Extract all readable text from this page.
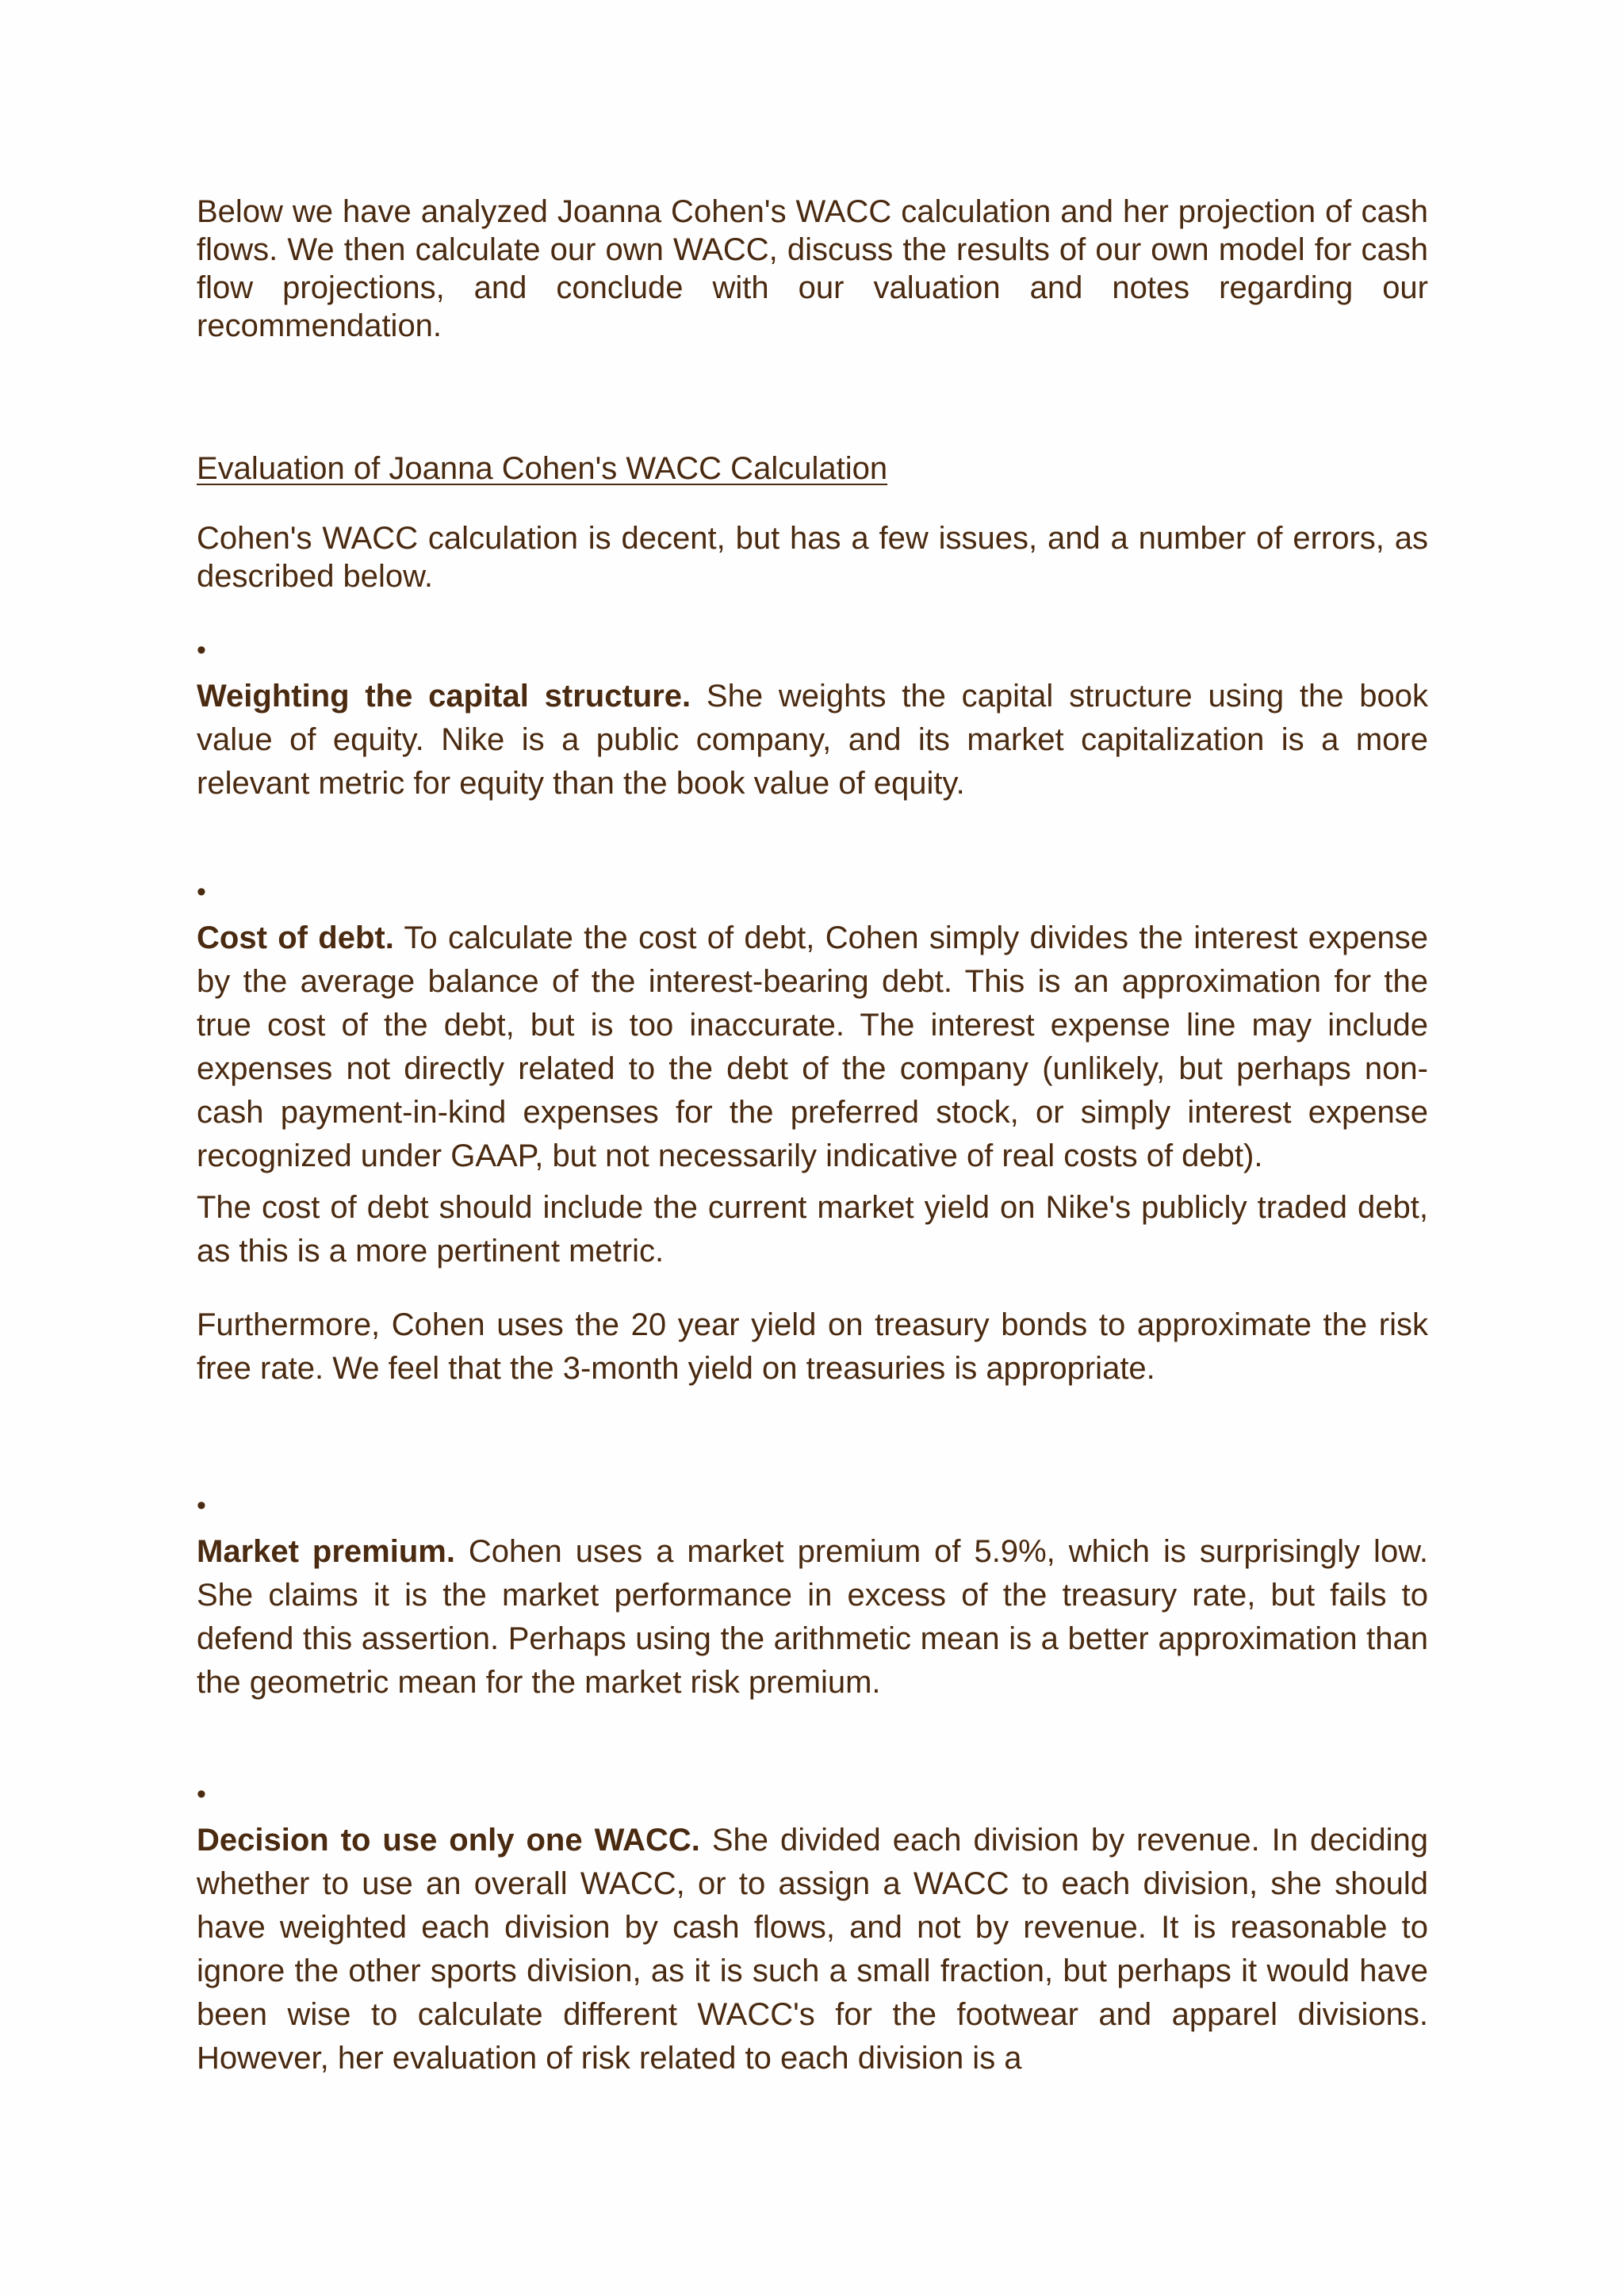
Below we have analyzed Joanna Cohen's WACC calculation and her projection of cash flows. We then calculate our own WACC, discuss the results of our own model for cash flow projections, and conclude with our valuation and notes regarding our recommendation.

Evaluation of Joanna Cohen's WACC Calculation

Cohen's WACC calculation is decent, but has a few issues, and a number of errors, as described below.

•

Weighting the capital structure. She weights the capital structure using the book value of equity. Nike is a public company, and its market capitalization is a more relevant metric for equity than the book value of equity.

•

Cost of debt. To calculate the cost of debt, Cohen simply divides the interest expense by the average balance of the interest-bearing debt. This is an approximation for the true cost of the debt, but is too inaccurate. The interest expense line may include expenses not directly related to the debt of the company (unlikely, but perhaps non-cash payment-in-kind expenses for the preferred stock, or simply interest expense recognized under GAAP, but not necessarily indicative of real costs of debt).

The cost of debt should include the current market yield on Nike's publicly traded debt, as this is a more pertinent metric.

Furthermore, Cohen uses the 20 year yield on treasury bonds to approximate the risk free rate. We feel that the 3-month yield on treasuries is appropriate.

•

Market premium. Cohen uses a market premium of 5.9%, which is surprisingly low. She claims it is the market performance in excess of the treasury rate, but fails to defend this assertion. Perhaps using the arithmetic mean is a better approximation than the geometric mean for the market risk premium.

•

Decision to use only one WACC. She divided each division by revenue. In deciding whether to use an overall WACC, or to assign a WACC to each division, she should have weighted each division by cash flows, and not by revenue. It is reasonable to ignore the other sports division, as it is such a small fraction, but perhaps it would have been wise to calculate different WACC's for the footwear and apparel divisions. However, her evaluation of risk related to each division is a
